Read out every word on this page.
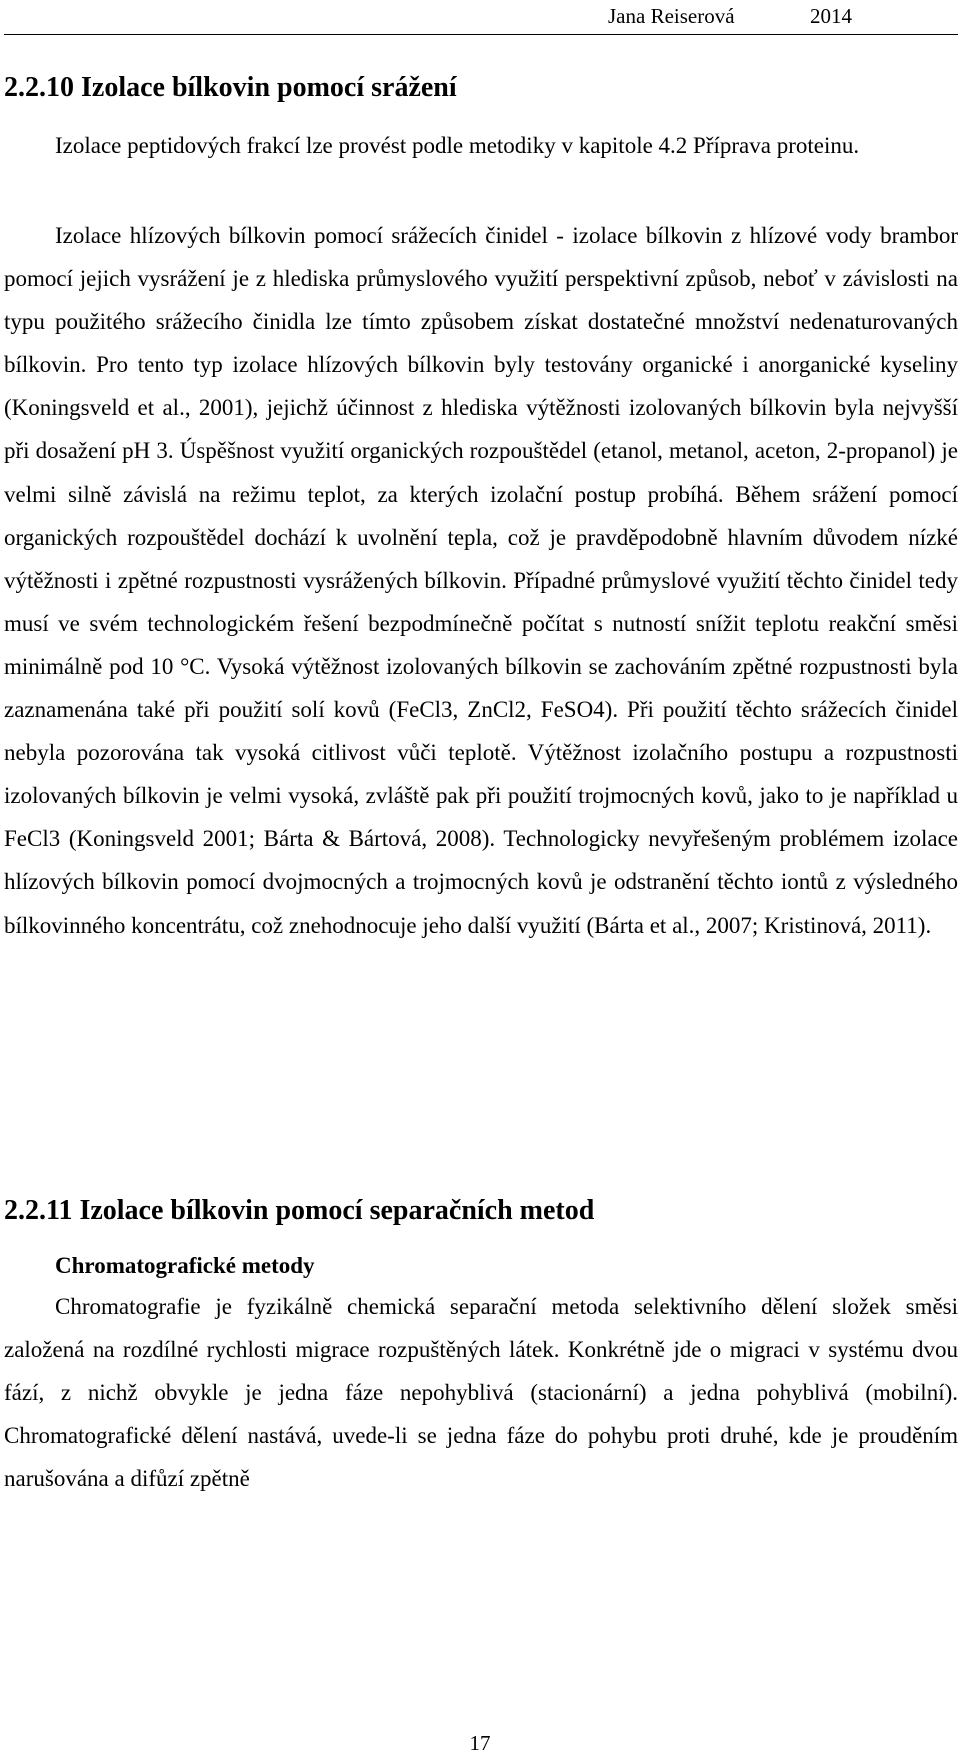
Jana Reiserová	2014
2.2.10 Izolace bílkovin pomocí srážení

Izolace peptidových frakcí lze provést podle metodiky v kapitole 4.2 Příprava proteinu.

Izolace hlízových bílkovin pomocí srážecích činidel - izolace bílkovin z hlízové vody brambor pomocí jejich vysrážení je z hlediska průmyslového využití perspektivní způsob, neboť v závislosti na typu použitého srážecího činidla lze tímto způsobem získat dostatečné množství nedenaturovaných bílkovin. Pro tento typ izolace hlízových bílkovin byly testovány organické i anorganické kyseliny (Koningsveld et al., 2001), jejichž účinnost z hlediska výtěžnosti izolovaných bílkovin byla nejvyšší při dosažení pH 3. Úspěšnost využití organických rozpouštědel (etanol, metanol, aceton, 2-propanol) je velmi silně závislá na režimu teplot, za kterých izolační postup probíhá. Během srážení pomocí organických rozpouštědel dochází k uvolnění tepla, což je pravděpodobně hlavním důvodem nízké výtěžnosti i zpětné rozpustnosti vysrážených bílkovin. Případné průmyslové využití těchto činidel tedy musí ve svém technologickém řešení bezpodmínečně počítat s nutností snížit teplotu reakční směsi minimálně pod 10 °C. Vysoká výtěžnost izolovaných bílkovin se zachováním zpětné rozpustnosti byla zaznamenána také při použití solí kovů (FeCl3, ZnCl2, FeSO4). Při použití těchto srážecích činidel nebyla pozorována tak vysoká citlivost vůči teplotě. Výtěžnost izolačního postupu a rozpustnosti izolovaných bílkovin je velmi vysoká, zvláště pak při použití trojmocných kovů, jako to je například u FeCl3 (Koningsveld 2001; Bárta & Bártová, 2008). Technologicky nevyřešeným problémem izolace hlízových bílkovin pomocí dvojmocných a trojmocných kovů je odstranění těchto iontů z výsledného bílkovinného koncentrátu, což znehodnocuje jeho další využití (Bárta et al., 2007; Kristinová, 2011).

2.2.11 Izolace bílkovin pomocí separačních metod
Chromatografické metody

Chromatografie je fyzikálně chemická separační metoda selektivního dělení složek směsi založená na rozdílné rychlosti migrace rozpuštěných látek. Konkrétně jde o migraci v systému dvou fází, z nichž obvykle je jedna fáze nepohyblivá (stacionární) a jedna pohyblivá (mobilní). Chromatografické dělení nastává, uvede-li se jedna fáze do pohybu proti druhé, kde je prouděním narušována a difůzí zpětně

17
